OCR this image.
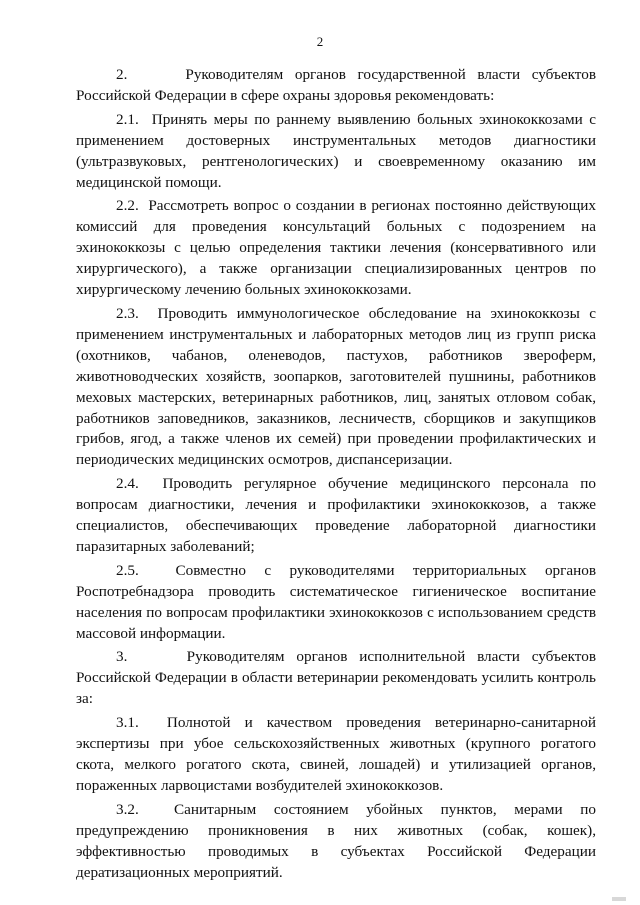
2

2.     Руководителям органов государственной власти субъектов Российской Федерации в сфере охраны здоровья рекомендовать:

2.1.  Принять меры по раннему выявлению больных эхинококкозами с применением достоверных инструментальных методов диагностики (ультразвуковых, рентгенологических) и своевременному оказанию им медицинской помощи.

2.2.  Рассмотреть вопрос о создании в регионах постоянно действующих комиссий для проведения консультаций больных с подозрением на эхинококкозы с целью определения тактики лечения (консервативного или хирургического), а также организации специализированных центров по хирургическому лечению больных эхинококкозами.

2.3.  Проводить иммунологическое обследование на эхинококкозы с применением инструментальных и лабораторных методов лиц из групп риска (охотников, чабанов, оленеводов, пастухов, работников звероферм, животноводческих хозяйств, зоопарков, заготовителей пушнины, работников меховых мастерских, ветеринарных работников, лиц, занятых отловом собак, работников заповедников, заказников, лесничеств, сборщиков и закупщиков грибов, ягод, а также членов их семей) при проведении профилактических и периодических медицинских осмотров, диспансеризации.

2.4.  Проводить регулярное обучение медицинского персонала по вопросам диагностики, лечения и профилактики эхинококкозов, а также специалистов, обеспечивающих проведение лабораторной диагностики паразитарных заболеваний;

2.5.  Совместно с руководителями территориальных органов Роспотребнадзора проводить систематическое гигиеническое воспитание населения по вопросам профилактики эхинококкозов с использованием средств массовой информации.

3.     Руководителям органов исполнительной власти субъектов Российской Федерации в области ветеринарии рекомендовать усилить контроль за:

3.1.  Полнотой и качеством проведения ветеринарно-санитарной экспертизы при убое сельскохозяйственных животных (крупного рогатого скота, мелкого рогатого скота, свиней, лошадей) и утилизацией органов, пораженных ларвоцистами возбудителей эхинококкозов.

3.2.  Санитарным состоянием убойных пунктов, мерами по предупреждению проникновения в них животных (собак, кошек), эффективностью проводимых в субъектах Российской Федерации дератизационных мероприятий.
